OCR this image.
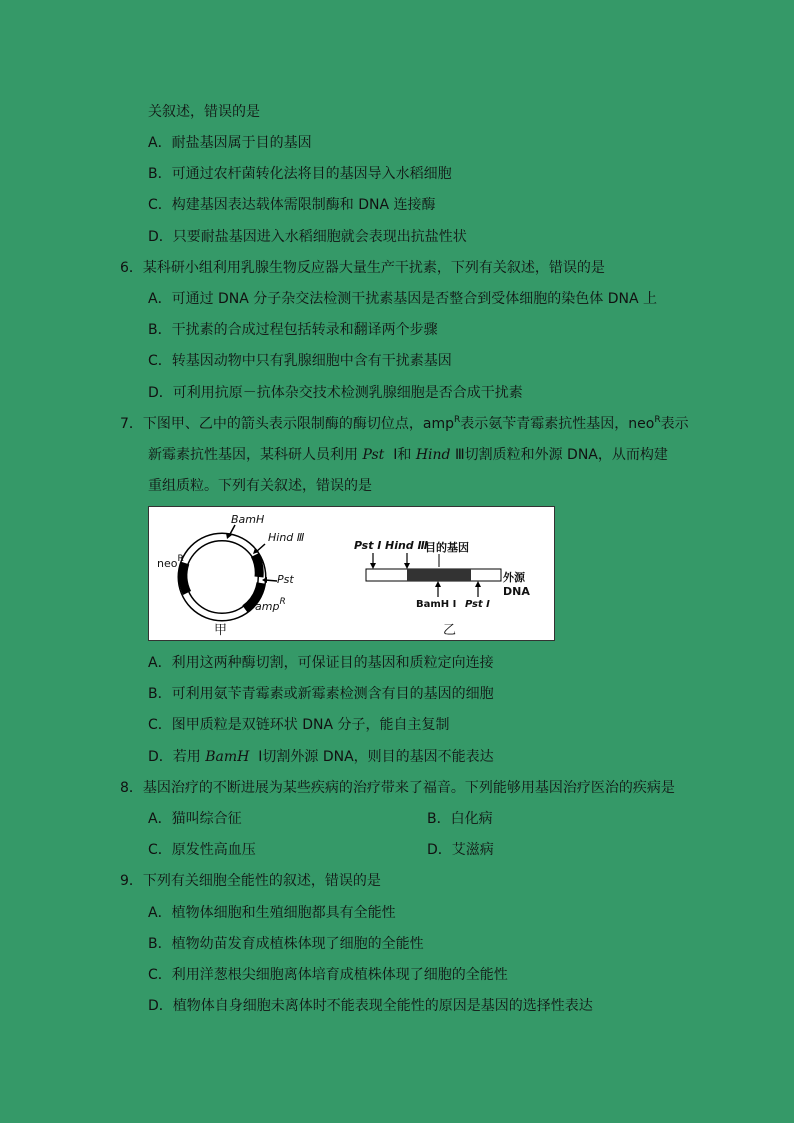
关叙述，错误的是
A．耐盐基因属于目的基因
B．可通过农杆菌转化法将目的基因导入水稻细胞
C．构建基因表达载体需限制酶和 DNA 连接酶
D．只要耐盐基因进入水稻细胞就会表现出抗盐性状
6．某科研小组利用乳腺生物反应器大量生产干扰素，下列有关叙述，错误的是
A．可通过 DNA 分子杂交法检测干扰素基因是否整合到受体细胞的染色体 DNA 上
B．干扰素的合成过程包括转录和翻译两个步骤
C．转基因动物中只有乳腺细胞中含有干扰素基因
D．可利用抗原－抗体杂交技术检测乳腺细胞是否合成干扰素
7．下图甲、乙中的箭头表示限制酶的酶切位点，amp$^R$表示氨苄青霉素抗性基因，neo$^R$表示
新霉素抗性基因，某科研人员利用 Pst Ⅰ和 Hind Ⅲ切割质粒和外源 DNA，从而构建
重组质粒。下列有关叙述，错误的是
BamH
Hind Ⅲ
neo$^R$
Pst
amp$^R$
甲
Pst Ⅰ Hind Ⅲ
目的基因
外源 DNA
BamH Ⅰ Pst Ⅰ
乙
A．利用这两种酶切割，可保证目的基因和质粒定向连接
B．可利用氨苄青霉素或新霉素检测含有目的基因的细胞
C．图甲质粒是双链环状 DNA 分子，能自主复制
D．若用 BamH Ⅰ切割外源 DNA，则目的基因不能表达
8．基因治疗的不断进展为某些疾病的治疗带来了福音。下列能够用基因治疗医治的疾病是
A．猫叫综合征	B．白化病
C．原发性高血压	D．艾滋病
9．下列有关细胞全能性的叙述，错误的是
A．植物体细胞和生殖细胞都具有全能性
B．植物幼苗发育成植株体现了细胞的全能性
C．利用洋葱根尖细胞离体培育成植株体现了细胞的全能性
D．植物体自身细胞未离体时不能表现全能性的原因是基因的选择性表达
